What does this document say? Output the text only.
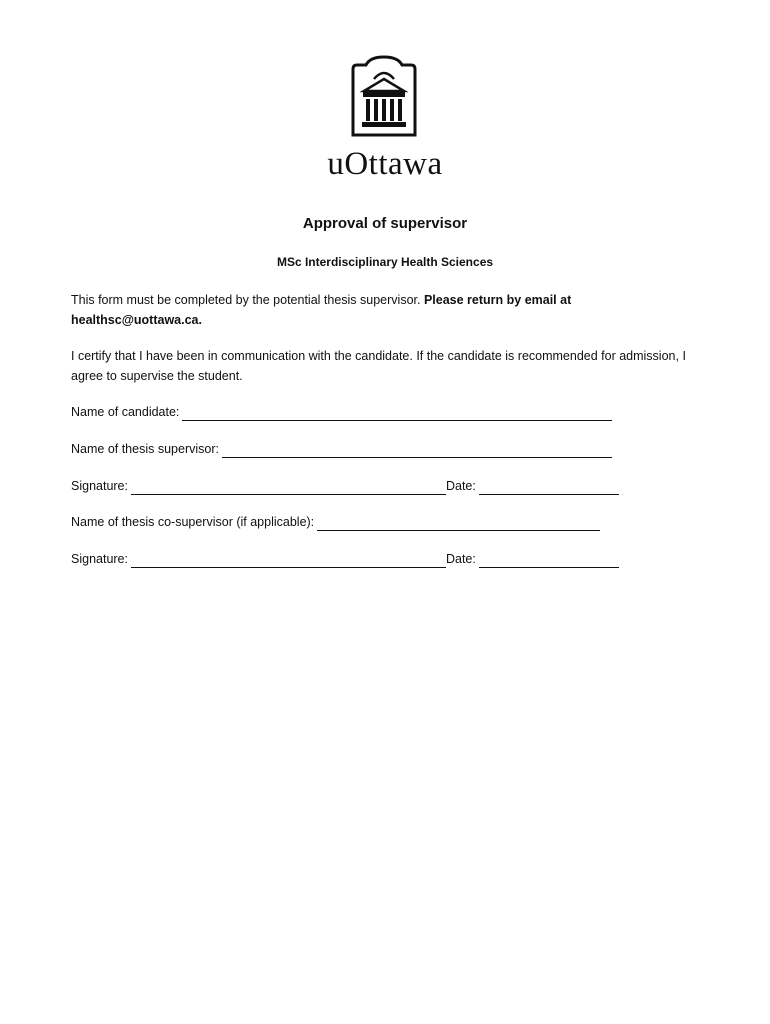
uOttawa
Approval of supervisor
MSc Interdisciplinary Health Sciences
This form must be completed by the potential thesis supervisor. Please return by email at healthsc@uottawa.ca.
I certify that I have been in communication with the candidate. If the candidate is recommended for admission, I agree to supervise the student.
Name of candidate:
Name of thesis supervisor:
Signature:	Date:
Name of thesis co-supervisor (if applicable):
Signature:	Date:
